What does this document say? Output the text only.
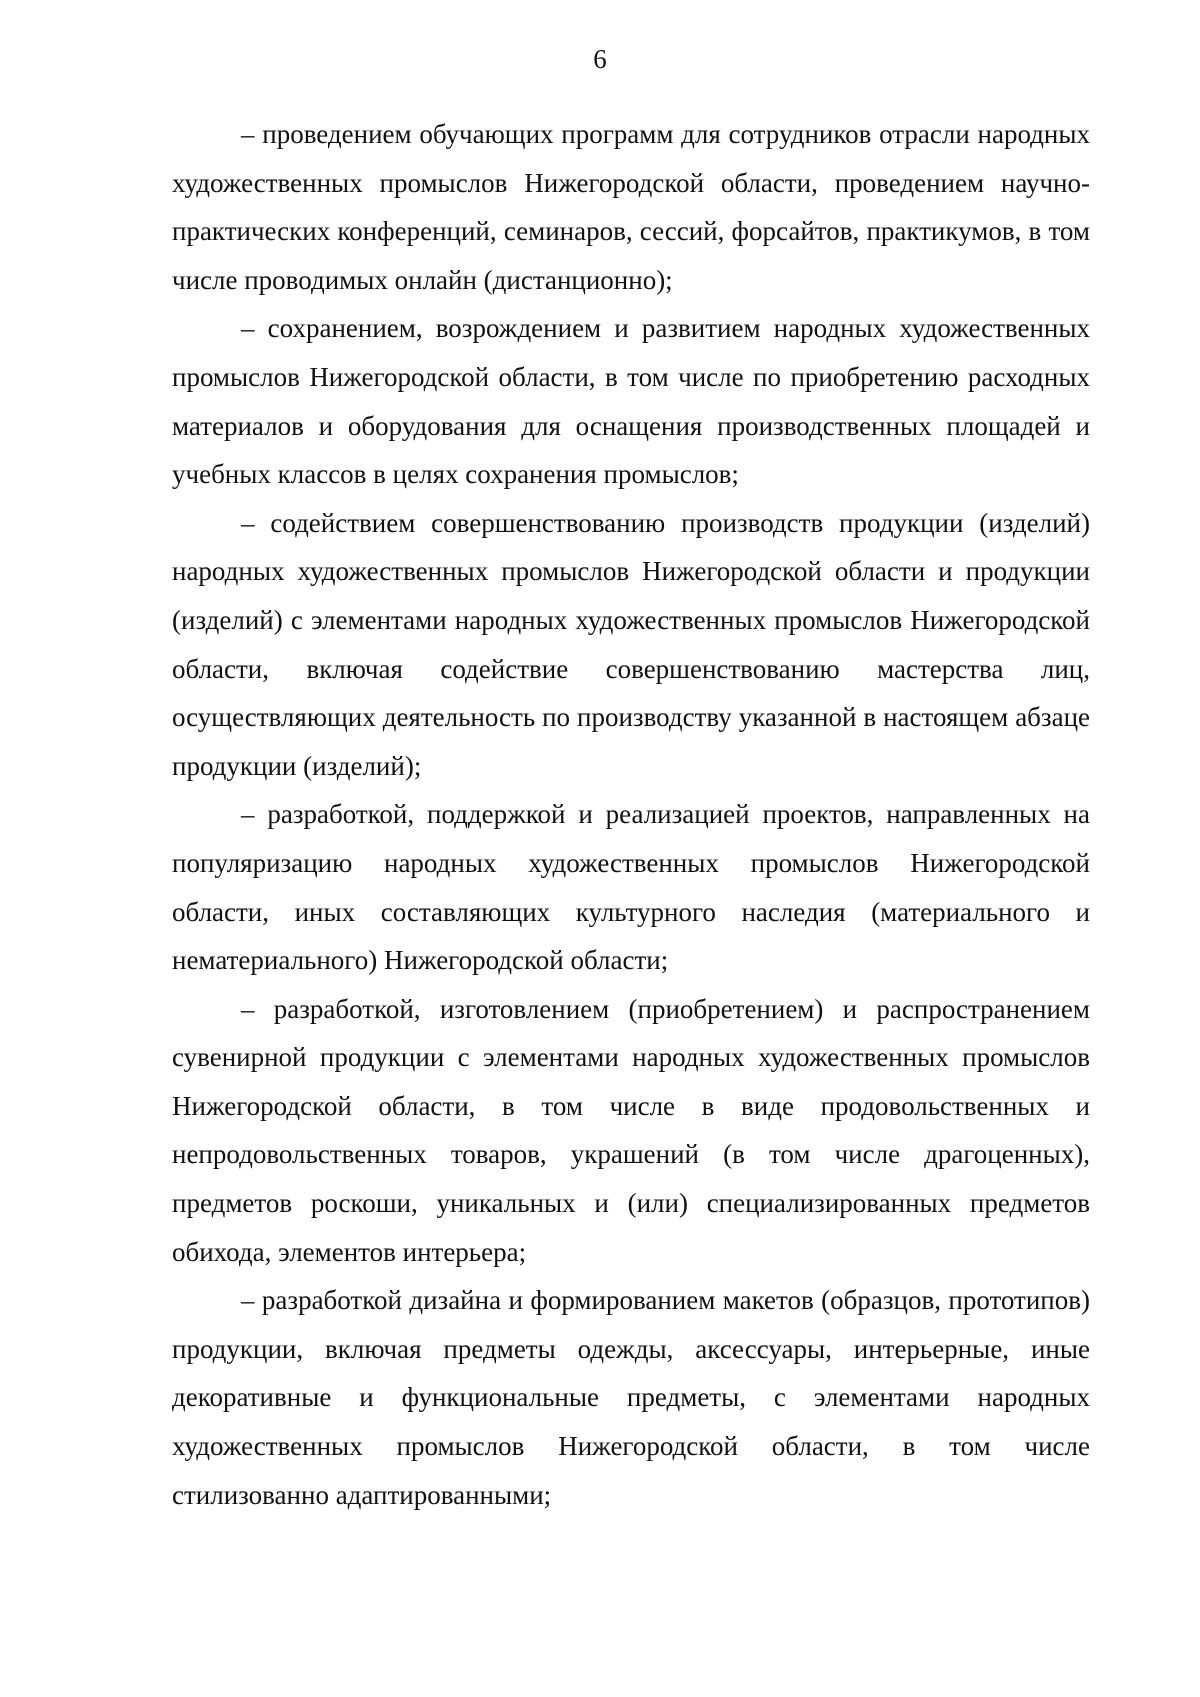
6

– проведением обучающих программ для сотрудников отрасли народных художественных промыслов Нижегородской области, проведением научно-практических конференций, семинаров, сессий, форсайтов, практикумов, в том числе проводимых онлайн (дистанционно);

– сохранением, возрождением и развитием народных художественных промыслов Нижегородской области, в том числе по приобретению расходных материалов и оборудования для оснащения производственных площадей и учебных классов в целях сохранения промыслов;

– содействием совершенствованию производств продукции (изделий) народных художественных промыслов Нижегородской области и продукции (изделий) с элементами народных художественных промыслов Нижегородской области, включая содействие совершенствованию мастерства лиц, осуществляющих деятельность по производству указанной в настоящем абзаце продукции (изделий);

– разработкой, поддержкой и реализацией проектов, направленных на популяризацию народных художественных промыслов Нижегородской области, иных составляющих культурного наследия (материального и нематериального) Нижегородской области;

– разработкой, изготовлением (приобретением) и распространением сувенирной продукции с элементами народных художественных промыслов Нижегородской области, в том числе в виде продовольственных и непродовольственных товаров, украшений (в том числе драгоценных), предметов роскоши, уникальных и (или) специализированных предметов обихода, элементов интерьера;

– разработкой дизайна и формированием макетов (образцов, прототипов) продукции, включая предметы одежды, аксессуары, интерьерные, иные декоративные и функциональные предметы, с элементами народных художественных промыслов Нижегородской области, в том числе стилизованно адаптированными;
